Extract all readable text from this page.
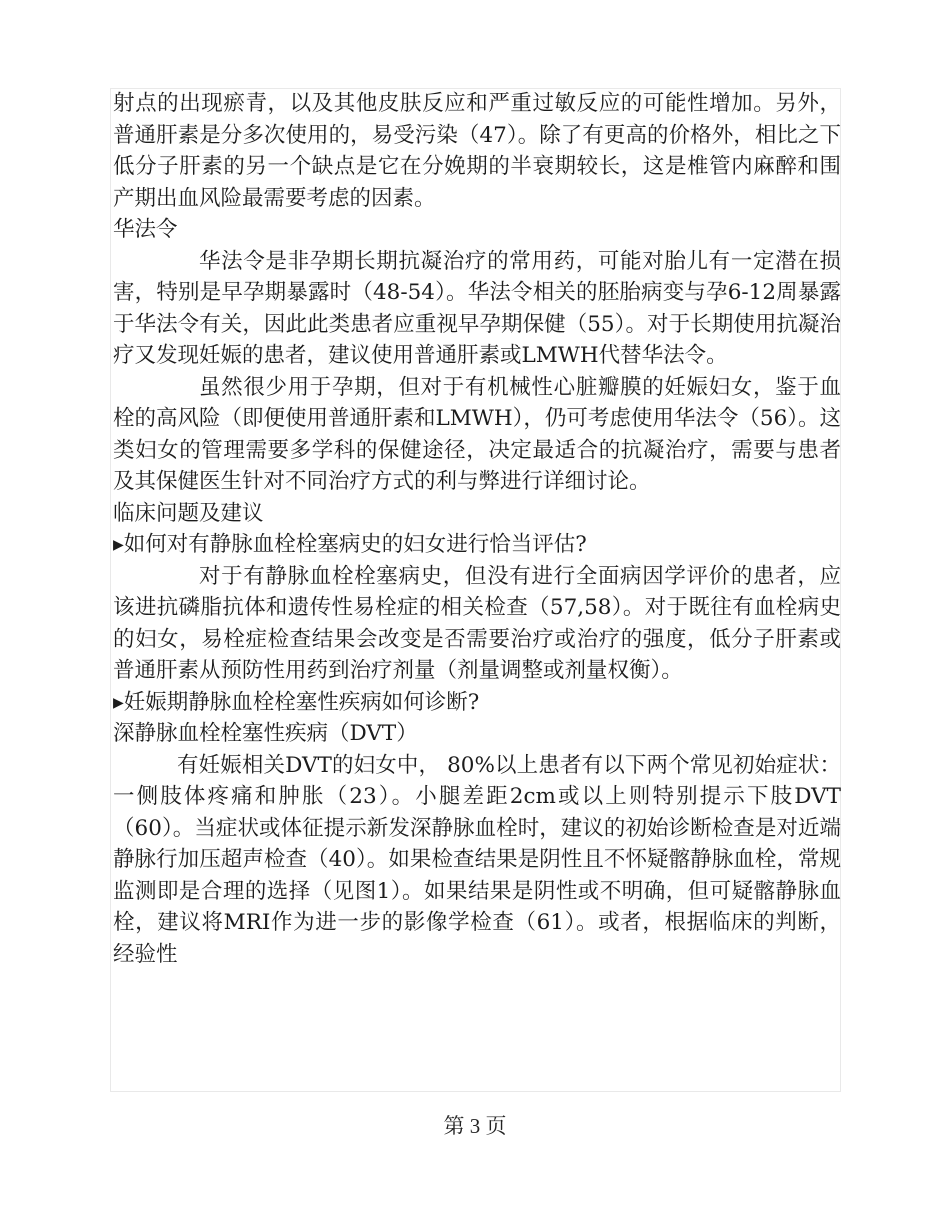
射点的出现瘀青，以及其他皮肤反应和严重过敏反应的可能性增加。另外，普通肝素是分多次使用的，易受污染（47）。除了有更高的价格外，相比之下低分子肝素的另一个缺点是它在分娩期的半衰期较长，这是椎管内麻醉和围产期出血风险最需要考虑的因素。

华法令

华法令是非孕期长期抗凝治疗的常用药，可能对胎儿有一定潜在损害，特别是早孕期暴露时（48-54）。华法令相关的胚胎病变与孕6-12周暴露于华法令有关，因此此类患者应重视早孕期保健（55）。对于长期使用抗凝治疗又发现妊娠的患者，建议使用普通肝素或LMWH代替华法令。

虽然很少用于孕期，但对于有机械性心脏瓣膜的妊娠妇女，鉴于血栓的高风险（即便使用普通肝素和LMWH），仍可考虑使用华法令（56）。这类妇女的管理需要多学科的保健途径，决定最适合的抗凝治疗，需要与患者及其保健医生针对不同治疗方式的利与弊进行详细讨论。

临床问题及建议

▸如何对有静脉血栓栓塞病史的妇女进行恰当评估?

对于有静脉血栓栓塞病史，但没有进行全面病因学评价的患者，应该进抗磷脂抗体和遗传性易栓症的相关检查（57,58）。对于既往有血栓病史的妇女，易栓症检查结果会改变是否需要治疗或治疗的强度，低分子肝素或普通肝素从预防性用药到治疗剂量（剂量调整或剂量权衡）。

▸妊娠期静脉血栓栓塞性疾病如何诊断?

深静脉血栓栓塞性疾病（DVT）

有妊娠相关DVT的妇女中， 80%以上患者有以下两个常见初始症状：一侧肢体疼痛和肿胀（23）。小腿差距2cm或以上则特别提示下肢DVT（60）。当症状或体征提示新发深静脉血栓时，建议的初始诊断检查是对近端静脉行加压超声检查（40）。如果检查结果是阴性且不怀疑髂静脉血栓，常规监测即是合理的选择（见图1）。如果结果是阴性或不明确，但可疑髂静脉血栓，建议将MRI作为进一步的影像学检查（61）。或者，根据临床的判断，经验性

第 3 页
